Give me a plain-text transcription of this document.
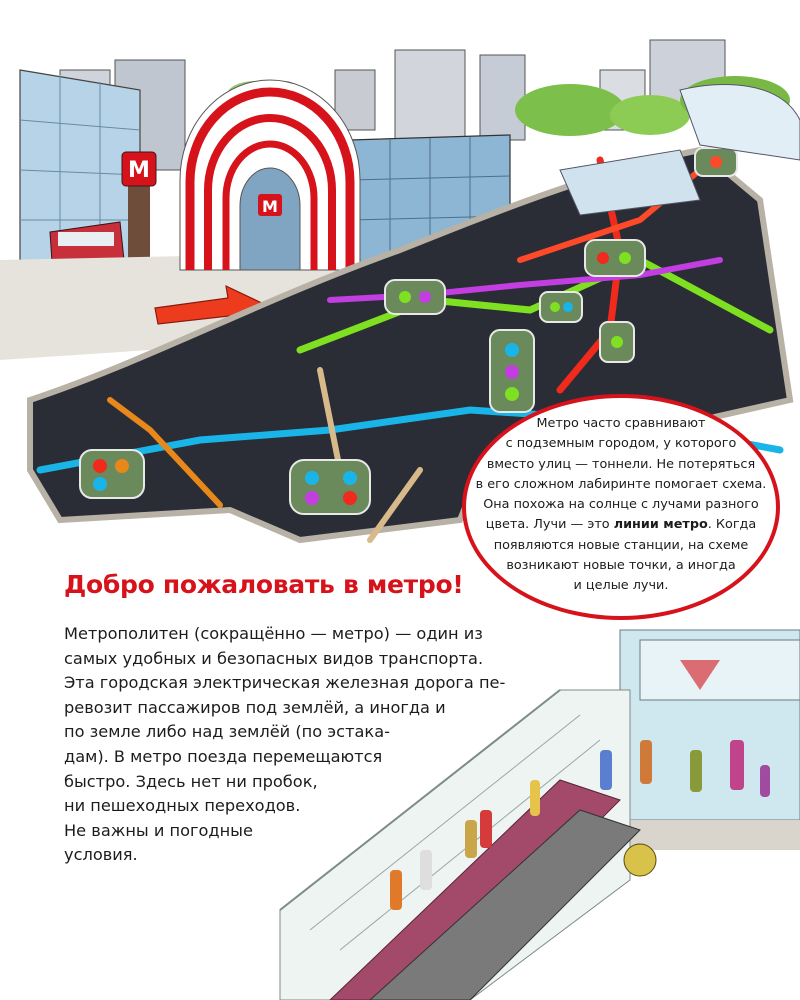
М
М
Добро пожаловать в метро!

Метрополитен (сокращённо — метро) — один из
самых удобных и безопасных видов транспорта.
Эта городская электрическая железная дорога пе-
ревозит пассажиров под землёй, а иногда и
по земле либо над землёй (по эстака-
дам). В метро поезда перемещаются
быстро. Здесь нет ни пробок,
ни пешеходных переходов.
Не важны и погодные
условия.

Метро часто сравнивают
с подземным городом, у которого
вместо улиц — тоннели. Не потеряться
в его сложном лабиринте помогает схема.
Она похожа на солнце с лучами разного
цвета. Лучи — это линии метро. Когда
появляются новые станции, на схеме
возникают новые точки, а иногда
и целые лучи.
